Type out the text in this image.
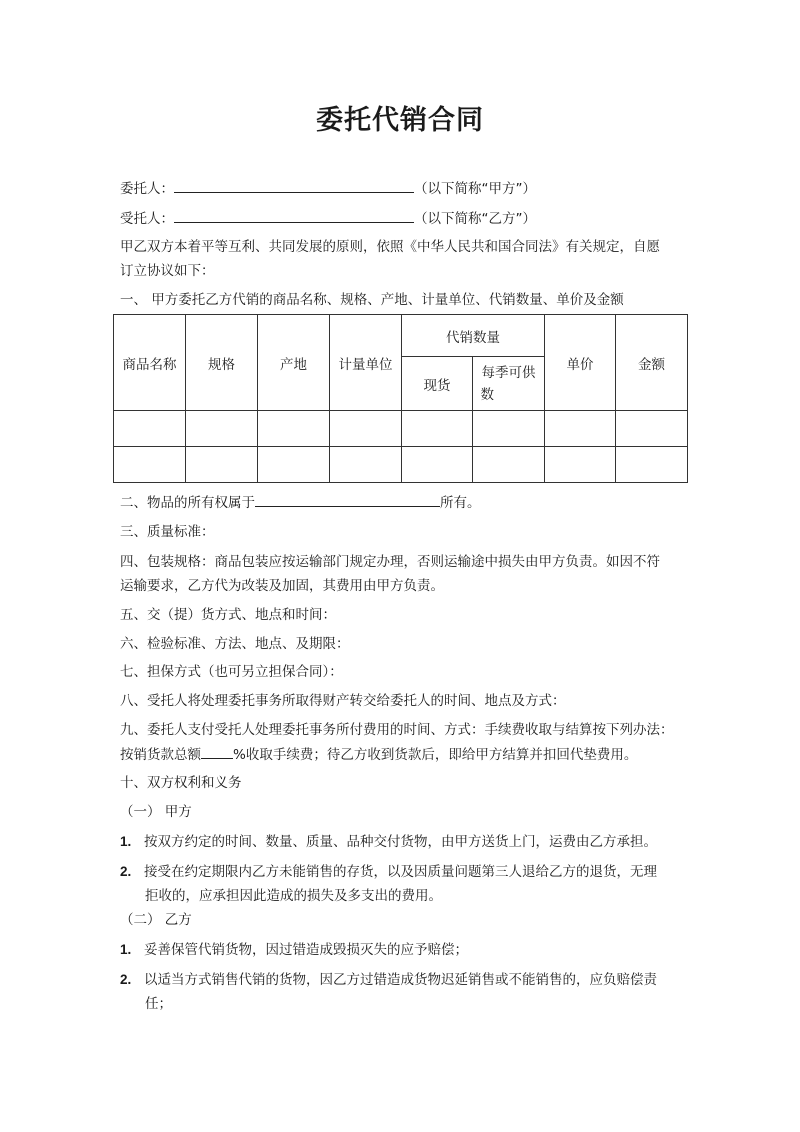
委托代销合同
委托人：	（以下简称“甲方”）
受托人：	（以下简称“乙方”）
甲乙双方本着平等互利、共同发展的原则，依照《中华人民共和国合同法》有关规定，自愿
订立协议如下：
一、 甲方委托乙方代销的商品名称、规格、产地、计量单位、代销数量、单价及金额
商品名称	规格	产地	计量单位	代销数量		单价	金额
				现货	每季可供
数		

二、物品的所有权属于	所有。
三、质量标准：
四、包装规格：商品包装应按运输部门规定办理，否则运输途中损失由甲方负责。如因不符
运输要求，乙方代为改装及加固，其费用由甲方负责。
五、交（提）货方式、地点和时间：
六、检验标准、方法、地点、及期限：
七、担保方式（也可另立担保合同）：
八、受托人将处理委托事务所取得财产转交给委托人的时间、地点及方式：
九、委托人支付受托人处理委托事务所付费用的时间、方式：手续费收取与结算按下列办法：
按销货款总额 %收取手续费；待乙方收到货款后，即给甲方结算并扣回代垫费用。
十、双方权利和义务
（一） 甲方
1. 按双方约定的时间、数量、质量、品种交付货物，由甲方送货上门，运费由乙方承担。
2. 接受在约定期限内乙方未能销售的存货，以及因质量问题第三人退给乙方的退货，无理
拒收的，应承担因此造成的损失及多支出的费用。
（二） 乙方
1. 妥善保管代销货物，因过错造成毁损灭失的应予赔偿；
2. 以适当方式销售代销的货物，因乙方过错造成货物迟延销售或不能销售的，应负赔偿责
任；
